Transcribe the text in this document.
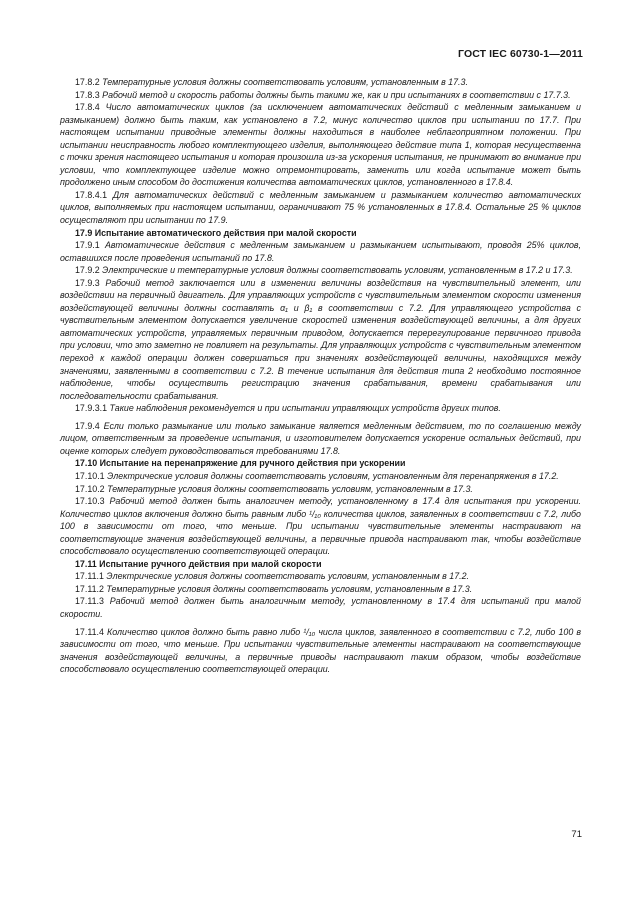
ГОСТ IEC 60730-1—2011

17.8.2 Температурные условия должны соответствовать условиям, установленным в 17.3.

17.8.3 Рабочий метод и скорость работы должны быть такими же, как и при испытаниях в соответствии с 17.7.3.

17.8.4 Число автоматических циклов (за исключением автоматических действий с медленным замыканием и размыканием) должно быть таким, как установлено в 7.2, минус количество циклов при испытании по 17.7. При настоящем испытании приводные элементы должны находиться в наиболее неблагоприятном положении. При испытании неисправность любого комплектующего изделия, выполняющего действие типа 1, которая несущественна с точки зрения настоящего испытания и которая произошла из-за ускорения испытания, не принимают во внимание при условии, что комплектующее изделие можно отремонтировать, заменить или когда испытание может быть продолжено иным способом до достижения количества автоматических циклов, установленного в 17.8.4.

17.8.4.1 Для автоматических действий с медленным замыканием и размыканием количество автоматических циклов, выполняемых при настоящем испытании, ограничивают 75 % установленных в 17.8.4. Остальные 25 % циклов осуществляют при испытании по 17.9.

17.9 Испытание автоматического действия при малой скорости

17.9.1 Автоматические действия с медленным замыканием и размыканием испытывают, проводя 25% циклов, оставшихся после проведения испытаний по 17.8.

17.9.2 Электрические и температурные условия должны соответствовать условиям, установленным в 17.2 и 17.3.

17.9.3 Рабочий метод заключается или в изменении величины воздействия на чувствительный элемент, или воздействии на первичный двигатель. Для управляющих устройств с чувствительным элементом скорости изменения воздействующей величины должны составлять α₁ и β₁ в соответствии с 7.2. Для управляющего устройства с чувствительным элементом допускается увеличение скоростей изменения воздействующей величины, а для других автоматических устройств, управляемых первичным приводом, допускается перерегулирование первичного привода при условии, что это заметно не повлияет на результаты. Для управляющих устройств с чувствительным элементом переход к каждой операции должен совершаться при значениях воздействующей величины, находящихся между значениями, заявленными в соответствии с 7.2. В течение испытания для действия типа 2 необходимо постоянное наблюдение, чтобы осуществить регистрацию значения срабатывания, времени срабатывания или последовательности срабатывания.

17.9.3.1 Такие наблюдения рекомендуется и при испытании управляющих устройств других типов.

17.9.4 Если только размыкание или только замыкание является медленным действием, то по соглашению между лицом, ответственным за проведение испытания, и изготовителем допускается ускорение остальных действий, при оценке которых следует руководствоваться требованиями 17.8.

17.10 Испытание на перенапряжение для ручного действия при ускорении

17.10.1 Электрические условия должны соответствовать условиям, установленным для перенапряжения в 17.2.

17.10.2 Температурные условия должны соответствовать условиям, установленным в 17.3.

17.10.3 Рабочий метод должен быть аналогичен методу, установленному в 17.4 для испытания при ускорении. Количество циклов включения должно быть равным либо ¹/₁₀ количества циклов, заявленных в соответствии с 7.2, либо 100 в зависимости от того, что меньше. При испытании чувствительные элементы настраивают на соответствующие значения воздействующей величины, а первичные привода настраивают так, чтобы воздействие способствовало осуществлению соответствующей операции.

17.11 Испытание ручного действия при малой скорости

17.11.1 Электрические условия должны соответствовать условиям, установленным в 17.2.

17.11.2 Температурные условия должны соответствовать условиям, установленным в 17.3.

17.11.3 Рабочий метод должен быть аналогичным методу, установленному в 17.4 для испытаний при малой скорости.

17.11.4 Количество циклов должно быть равно либо ¹/₁₀ числа циклов, заявленного в соответствии с 7.2, либо 100 в зависимости от того, что меньше. При испытании чувствительные элементы настраивают на соответствующие значения воздействующей величины, а первичные приводы настраивают таким образом, чтобы воздействие способствовало осуществлению соответствующей операции.

71
